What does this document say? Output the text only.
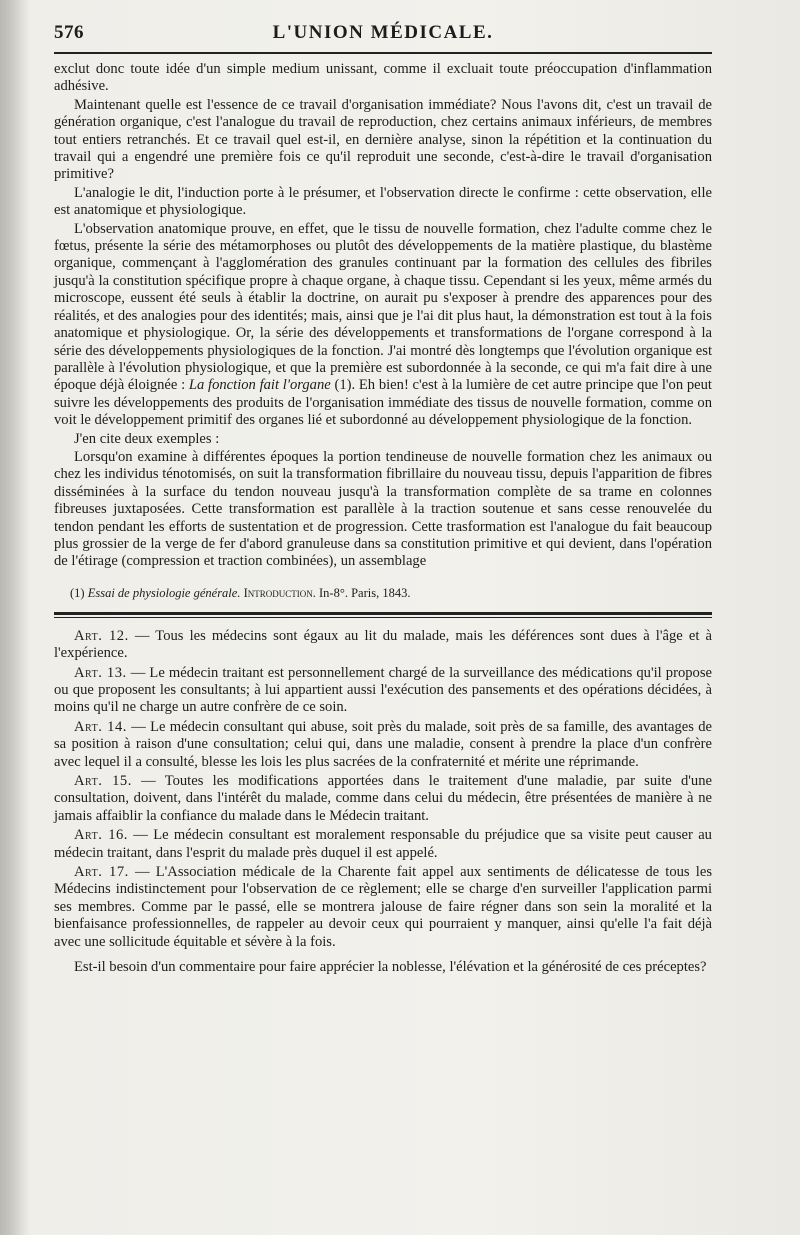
576	L'UNION MÉDICALE.

exclut donc toute idée d'un simple medium unissant, comme il excluait toute préoccupation d'inflammation adhésive.

Maintenant quelle est l'essence de ce travail d'organisation immédiate? Nous l'avons dit, c'est un travail de génération organique, c'est l'analogue du travail de reproduction, chez certains animaux inférieurs, de membres tout entiers retranchés. Et ce travail quel est-il, en dernière analyse, sinon la répétition et la continuation du travail qui a engendré une première fois ce qu'il reproduit une seconde, c'est-à-dire le travail d'organisation primitive?

L'analogie le dit, l'induction porte à le présumer, et l'observation directe le confirme : cette observation, elle est anatomique et physiologique.

L'observation anatomique prouve, en effet, que le tissu de nouvelle formation, chez l'adulte comme chez le fœtus, présente la série des métamorphoses ou plutôt des développements de la matière plastique, du blastème organique, commençant à l'agglomération des granules continuant par la formation des cellules des fibriles jusqu'à la constitution spécifique propre à chaque organe, à chaque tissu. Cependant si les yeux, même armés du microscope, eussent été seuls à établir la doctrine, on aurait pu s'exposer à prendre des apparences pour des réalités, et des analogies pour des identités; mais, ainsi que je l'ai dit plus haut, la démonstration est tout à la fois anatomique et physiologique. Or, la série des développements et transformations de l'organe correspond à la série des développements physiologiques de la fonction. J'ai montré dès longtemps que l'évolution organique est parallèle à l'évolution physiologique, et que la première est subordonnée à la seconde, ce qui m'a fait dire à une époque déjà éloignée : La fonction fait l'organe (1). Eh bien! c'est à la lumière de cet autre principe que l'on peut suivre les développements des produits de l'organisation immédiate des tissus de nouvelle formation, comme on voit le développement primitif des organes lié et subordonné au développement physiologique de la fonction.

J'en cite deux exemples :

Lorsqu'on examine à différentes époques la portion tendineuse de nouvelle formation chez les animaux ou chez les individus ténotomisés, on suit la transformation fibrillaire du nouveau tissu, depuis l'apparition de fibres disséminées à la surface du tendon nouveau jusqu'à la transformation complète de sa trame en colonnes fibreuses juxtaposées. Cette transformation est parallèle à la traction soutenue et sans cesse renouvelée du tendon pendant les efforts de sustentation et de progression. Cette trasformation est l'analogue du fait beaucoup plus grossier de la verge de fer d'abord granuleuse dans sa constitution primitive et qui devient, dans l'opération de l'étirage (compression et traction combinées), un assemblage

(1) Essai de physiologie générale. Introduction. In-8°. Paris, 1843.

Art. 12. — Tous les médecins sont égaux au lit du malade, mais les déférences sont dues à l'âge et à l'expérience.

Art. 13. — Le médecin traitant est personnellement chargé de la surveillance des médications qu'il propose ou que proposent les consultants; à lui appartient aussi l'exécution des pansements et des opérations décidées, à moins qu'il ne charge un autre confrère de ce soin.

Art. 14. — Le médecin consultant qui abuse, soit près du malade, soit près de sa famille, des avantages de sa position à raison d'une consultation; celui qui, dans une maladie, consent à prendre la place d'un confrère avec lequel il a consulté, blesse les lois les plus sacrées de la confraternité et mérite une réprimande.

Art. 15. — Toutes les modifications apportées dans le traitement d'une maladie, par suite d'une consultation, doivent, dans l'intérêt du malade, comme dans celui du médecin, être présentées de manière à ne jamais affaiblir la confiance du malade dans le Médecin traitant.

Art. 16. — Le médecin consultant est moralement responsable du préjudice que sa visite peut causer au médecin traitant, dans l'esprit du malade près duquel il est appelé.

Art. 17. — L'Association médicale de la Charente fait appel aux sentiments de délicatesse de tous les Médecins indistinctement pour l'observation de ce règlement; elle se charge d'en surveiller l'application parmi ses membres. Comme par le passé, elle se montrera jalouse de faire régner dans son sein la moralité et la bienfaisance professionnelles, de rappeler au devoir ceux qui pourraient y manquer, ainsi qu'elle l'a fait déjà avec une sollicitude équitable et sévère à la fois.

Est-il besoin d'un commentaire pour faire apprécier la noblesse, l'élévation et la générosité de ces préceptes?
